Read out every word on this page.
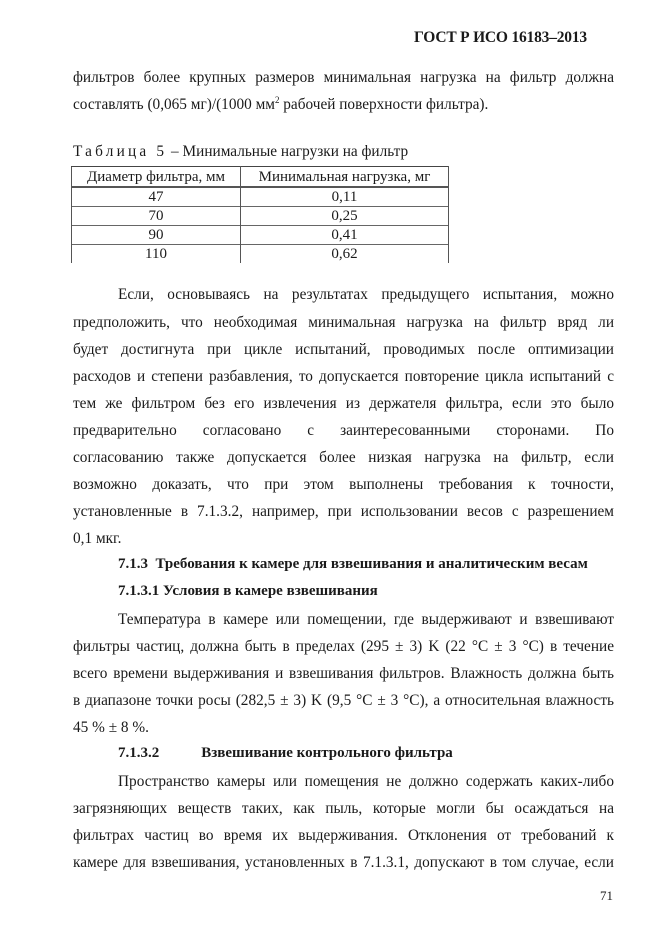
ГОСТ Р ИСО 16183–2013
фильтров более крупных размеров минимальная нагрузка на фильтр должна
составлять (0,065 мг)/(1000 $мм^2$ рабочей поверхности фильтра).
Таблица 5 – Минимальные нагрузки на фильтр
Диаметр фильтра, мм	Минимальная нагрузка, мг
47	0,11
70	0,25
90	0,41
110	0,62
Если, основываясь на результатах предыдущего испытания, можно
предположить, что необходимая минимальная нагрузка на фильтр вряд ли
будет достигнута при цикле испытаний, проводимых после оптимизации
расходов и степени разбавления, то допускается повторение цикла испытаний с
тем же фильтром без его извлечения из держателя фильтра, если это было
предварительно согласовано с заинтересованными сторонами. По
согласованию также допускается более низкая нагрузка на фильтр, если
возможно доказать, что при этом выполнены требования к точности,
установленные в 7.1.3.2, например, при использовании весов с разрешением
0,1 мкг.
7.1.3 Требования к камере для взвешивания и аналитическим весам
7.1.3.1 Условия в камере взвешивания
Температура в камере или помещении, где выдерживают и взвешивают
фильтры частиц, должна быть в пределах (295 ± 3) K (22 °C ± 3 °C) в течение
всего времени выдерживания и взвешивания фильтров. Влажность должна быть
в диапазоне точки росы (282,5 ± 3) K (9,5 °C ± 3 °C), а относительная влажность
45 % ± 8 %.
7.1.3.2	Взвешивание контрольного фильтра
Пространство камеры или помещения не должно содержать каких-либо
загрязняющих веществ таких, как пыль, которые могли бы осаждаться на
фильтрах частиц во время их выдерживания. Отклонения от требований к
камере для взвешивания, установленных в 7.1.3.1, допускают в том случае, если
71
